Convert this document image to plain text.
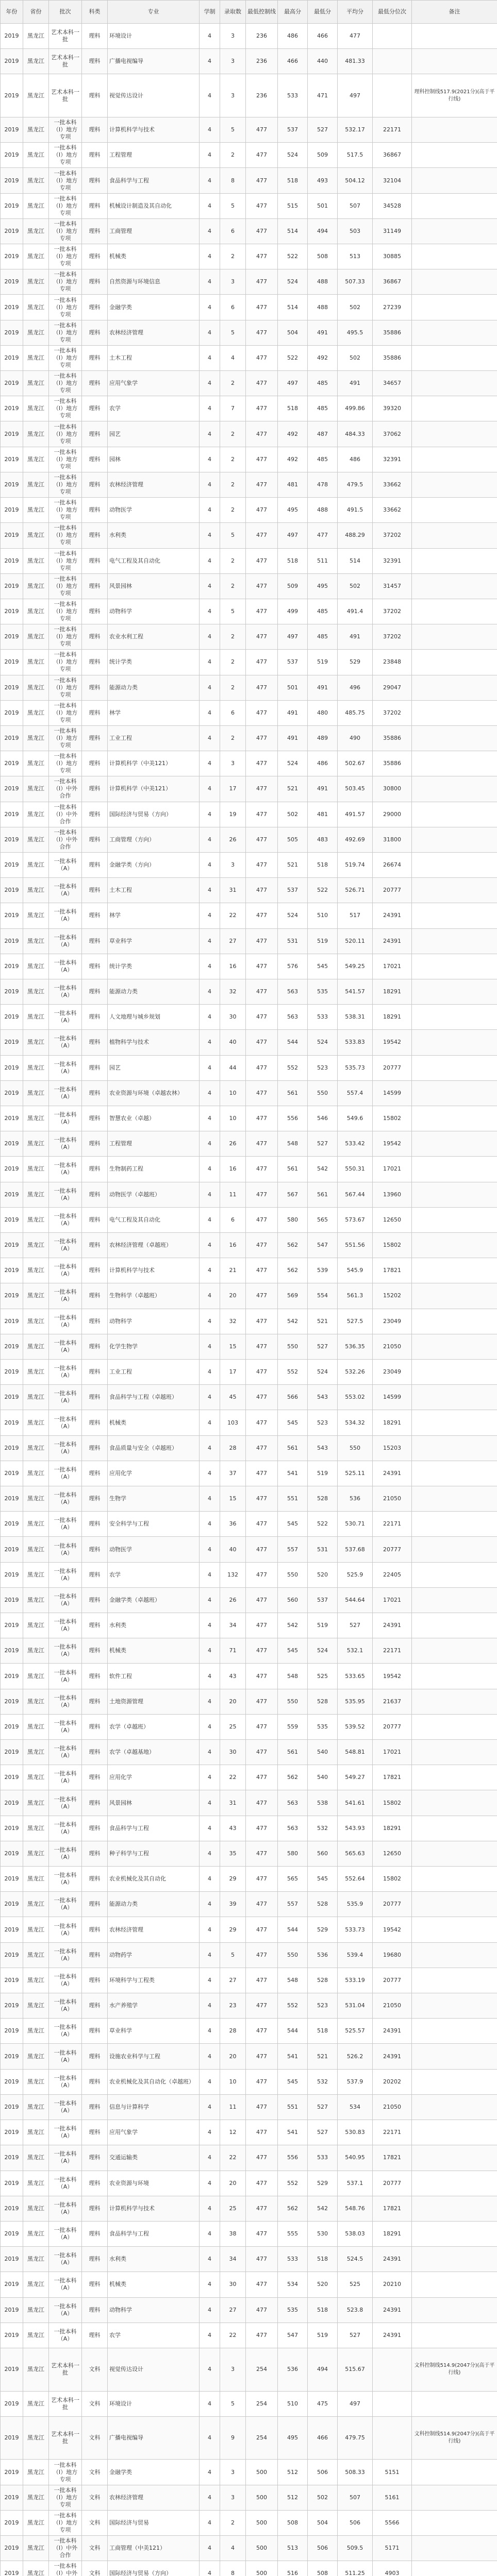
年份	省份	批次	科类	专业	学制	录取数	最低控制线	最高分	最低分	平均分	最低分位次	备注
2019	黑龙江	艺术本科一批	理科	环境设计	4	3	236	486	466	477		
2019	黑龙江	艺术本科一批	理科	广播电视编导	4	3	236	466	440	481.33		
2019	黑龙江	艺术本科一批	理科	视觉传达设计	4	3	236	533	471	497		理科控制线517.9(2021分)(高于平行线)
2019	黑龙江	一批本科（I）地方专项	理科	计算机科学与技术	4	5	477	537	527	532.17	22171	
2019	黑龙江	一批本科（I）地方专项	理科	工程管理	4	2	477	524	509	517.5	36867	
2019	黑龙江	一批本科（I）地方专项	理科	食品科学与工程	4	8	477	518	493	504.12	32104	
2019	黑龙江	一批本科（I）地方专项	理科	机械设计制造及其自动化	4	5	477	515	501	507	34528	
2019	黑龙江	一批本科（I）地方专项	理科	工商管理	4	6	477	514	494	503	31149	
2019	黑龙江	一批本科（I）地方专项	理科	机械类	4	2	477	522	508	513	30885	
2019	黑龙江	一批本科（I）地方专项	理科	自然资源与环境信息	4	3	477	524	488	507.33	36867	
2019	黑龙江	一批本科（I）地方专项	理科	金融学类	4	6	477	514	488	502	27239	
2019	黑龙江	一批本科（I）地方专项	理科	农林经济管理	4	5	477	504	491	495.5	35886	
2019	黑龙江	一批本科（I）地方专项	理科	土木工程	4	4	477	522	492	502	35886	
2019	黑龙江	一批本科（I）地方专项	理科	应用气象学	4	2	477	497	485	491	34657	
2019	黑龙江	一批本科（I）地方专项	理科	农学	4	7	477	518	485	499.86	39320	
2019	黑龙江	一批本科（I）地方专项	理科	园艺	4	2	477	492	487	484.33	37062	
2019	黑龙江	一批本科（I）地方专项	理科	园林	4	2	477	492	485	486	32391	
2019	黑龙江	一批本科（I）地方专项	理科	农林经济管理	4	2	477	481	478	479.5	33662	
2019	黑龙江	一批本科（I）地方专项	理科	动物医学	4	2	477	495	488	491.5	33662	
2019	黑龙江	一批本科（I）地方专项	理科	水利类	4	5	477	497	477	488.29	37202	
2019	黑龙江	一批本科（I）地方专项	理科	电气工程及其自动化	4	2	477	518	511	514	32391	
2019	黑龙江	一批本科（I）地方专项	理科	风景园林	4	2	477	509	495	502	31457	
2019	黑龙江	一批本科（I）地方专项	理科	动物科学	4	5	477	499	485	491.4	37202	
2019	黑龙江	一批本科（I）地方专项	理科	农业水利工程	4	2	477	497	485	491	37202	
2019	黑龙江	一批本科（I）地方专项	理科	统计学类	4	2	477	537	519	529	23848	
2019	黑龙江	一批本科（I）地方专项	理科	能源动力类	4	2	477	501	491	496	29047	
2019	黑龙江	一批本科（I）地方专项	理科	林学	4	6	477	491	480	485.75	37202	
2019	黑龙江	一批本科（I）地方专项	理科	工业工程	4	2	477	491	489	490	35886	
2019	黑龙江	一批本科（I）地方专项	理科	计算机科学（中美121）	4	3	477	524	486	502.67	35886	
2019	黑龙江	一批本科（I）中外合作	理科	计算机科学（中美121）	4	17	477	521	491	503.45	30800	
2019	黑龙江	一批本科（I）中外合作	理科	国际经济与贸易（方向）	4	19	477	502	481	491.57	29000	
2019	黑龙江	一批本科（I）中外合作	理科	工商管理（方向）	4	26	477	505	483	492.69	31800	
2019	黑龙江	一批本科（A）	理科	金融学类（方向）	4	3	477	521	518	519.74	26674	
2019	黑龙江	一批本科（A）	理科	土木工程	4	31	477	537	522	526.71	20777	
2019	黑龙江	一批本科（A）	理科	林学	4	22	477	524	510	517	24391	
2019	黑龙江	一批本科（A）	理科	草业科学	4	27	477	531	519	520.11	24391	
2019	黑龙江	一批本科（A）	理科	统计学类	4	16	477	576	545	549.25	17021	
2019	黑龙江	一批本科（A）	理科	能源动力类	4	32	477	563	535	541.57	18291	
2019	黑龙江	一批本科（A）	理科	人文地理与城乡规划	4	30	477	563	533	538.31	18291	
2019	黑龙江	一批本科（A）	理科	植物科学与技术	4	40	477	544	524	533.83	19542	
2019	黑龙江	一批本科（A）	理科	园艺	4	44	477	552	523	535.73	20777	
2019	黑龙江	一批本科（A）	理科	农业资源与环境（卓越农林）	4	10	477	561	550	557.4	14599	
2019	黑龙江	一批本科（A）	理科	智慧农业（卓越）	4	10	477	556	546	549.6	15802	
2019	黑龙江	一批本科（A）	理科	工程管理	4	26	477	548	527	533.42	19542	
2019	黑龙江	一批本科（A）	理科	生物制药工程	4	16	477	561	542	550.31	17021	
2019	黑龙江	一批本科（A）	理科	动物医学（卓越班）	4	11	477	567	561	567.44	13960	
2019	黑龙江	一批本科（A）	理科	电气工程及其自动化	4	6	477	580	565	573.67	12650	
2019	黑龙江	一批本科（A）	理科	农林经济管理（卓越班）	4	16	477	562	547	551.56	15802	
2019	黑龙江	一批本科（A）	理科	计算机科学与技术	4	21	477	562	539	545.9	17821	
2019	黑龙江	一批本科（A）	理科	生物科学（卓越班）	4	20	477	569	554	561.3	15202	
2019	黑龙江	一批本科（A）	理科	动物科学	4	32	477	542	521	527.5	23049	
2019	黑龙江	一批本科（A）	理科	化学生物学	4	15	477	550	527	536.35	21050	
2019	黑龙江	一批本科（A）	理科	工业工程	4	17	477	552	524	532.26	23049	
2019	黑龙江	一批本科（A）	理科	食品科学与工程（卓越班）	4	45	477	566	543	553.02	14599	
2019	黑龙江	一批本科（A）	理科	机械类	4	103	477	545	523	534.32	18291	
2019	黑龙江	一批本科（A）	理科	食品质量与安全（卓越班）	4	28	477	561	543	550	15203	
2019	黑龙江	一批本科（A）	理科	应用化学	4	37	477	541	519	525.11	24391	
2019	黑龙江	一批本科（A）	理科	生物学	4	15	477	551	528	536	21050	
2019	黑龙江	一批本科（A）	理科	安全科学与工程	4	36	477	545	522	530.71	22171	
2019	黑龙江	一批本科（A）	理科	动物医学	4	40	477	557	531	537.68	20777	
2019	黑龙江	一批本科（A）	理科	农学	4	132	477	550	520	525.9	22405	
2019	黑龙江	一批本科（A）	理科	金融学类（卓越班）	4	26	477	560	537	544.64	17021	
2019	黑龙江	一批本科（A）	理科	水利类	4	34	477	542	519	527	24391	
2019	黑龙江	一批本科（A）	理科	机械类	4	71	477	545	524	532.1	22171	
2019	黑龙江	一批本科（A）	理科	软件工程	4	43	477	548	525	533.65	19542	
2019	黑龙江	一批本科（A）	理科	土地资源管理	4	20	477	550	528	535.95	21637	
2019	黑龙江	一批本科（A）	理科	农学（卓越班）	4	25	477	559	535	539.52	20777	
2019	黑龙江	一批本科（A）	理科	农学（卓越基地）	4	30	477	561	540	548.81	17021	
2019	黑龙江	一批本科（A）	理科	应用化学	4	22	477	562	540	549.27	17821	
2019	黑龙江	一批本科（A）	理科	风景园林	4	31	477	563	538	541.61	15802	
2019	黑龙江	一批本科（A）	理科	食品科学与工程	4	43	477	563	532	543.93	18291	
2019	黑龙江	一批本科（A）	理科	种子科学与工程	4	35	477	580	560	565.63	12650	
2019	黑龙江	一批本科（A）	理科	农业机械化及其自动化	4	29	477	565	545	552.64	15802	
2019	黑龙江	一批本科（A）	理科	能源动力类	4	39	477	557	528	535.9	20777	
2019	黑龙江	一批本科（A）	理科	农林经济管理	4	29	477	544	529	533.73	19542	
2019	黑龙江	一批本科（A）	理科	动物药学	4	5	477	550	536	539.4	19680	
2019	黑龙江	一批本科（A）	理科	环境科学与工程类	4	27	477	548	528	533.19	20777	
2019	黑龙江	一批本科（A）	理科	水产养殖学	4	23	477	552	523	531.04	21050	
2019	黑龙江	一批本科（A）	理科	草业科学	4	28	477	544	518	525.57	24391	
2019	黑龙江	一批本科（A）	理科	设施农业科学与工程	4	20	477	541	521	526.2	24391	
2019	黑龙江	一批本科（A）	理科	农业机械化及其自动化（卓越班）	4	10	477	545	532	537.9	20202	
2019	黑龙江	一批本科（A）	理科	信息与计算科学	4	11	477	551	527	534	21050	
2019	黑龙江	一批本科（A）	理科	应用气象学	4	12	477	541	527	530.83	22171	
2019	黑龙江	一批本科（A）	理科	交通运输类	4	22	477	556	533	540.95	17821	
2019	黑龙江	一批本科（A）	理科	农业资源与环境	4	20	477	552	529	537.1	20777	
2019	黑龙江	一批本科（A）	理科	计算机科学与技术	4	25	477	562	542	548.76	17821	
2019	黑龙江	一批本科（A）	理科	食品科学与工程	4	38	477	555	530	538.03	18291	
2019	黑龙江	一批本科（A）	理科	水利类	4	34	477	533	518	524.5	24391	
2019	黑龙江	一批本科（A）	理科	机械类	4	30	477	534	520	525	20210	
2019	黑龙江	一批本科（A）	理科	动物科学	4	27	477	535	518	523.8	24391	
2019	黑龙江	一批本科（A）	理科	农学	4	22	477	547	519	527	24391	
2019	黑龙江	艺术本科一批	文科	视觉传达设计	4	3	254	536	494	515.67		文科控制线514.9(2047分)(高于平行线)
2019	黑龙江	艺术本科一批	文科	环境设计	4	5	254	510	475	497		
2019	黑龙江	艺术本科一批	文科	广播电视编导	4	9	254	495	466	479.75		文科控制线514.9(2047分)(高于平行线)
2019	黑龙江	一批本科（I）地方专项	文科	金融学类	4	3	500	512	506	508.33	5151	
2019	黑龙江	一批本科（I）地方专项	文科	农林经济管理	4	3	500	512	502	507	5161	
2019	黑龙江	一批本科（I）地方专项	文科	国际经济与贸易	4	2	500	508	504	506	5566	
2019	黑龙江	一批本科（I）中外合作	文科	工商管理（中美121）	4	4	500	513	506	509.5	5171	
2019	黑龙江	一批本科（I）中外	文科	国际经济与贸易（方向）	4	8	500	516	508	511.25	4903	
